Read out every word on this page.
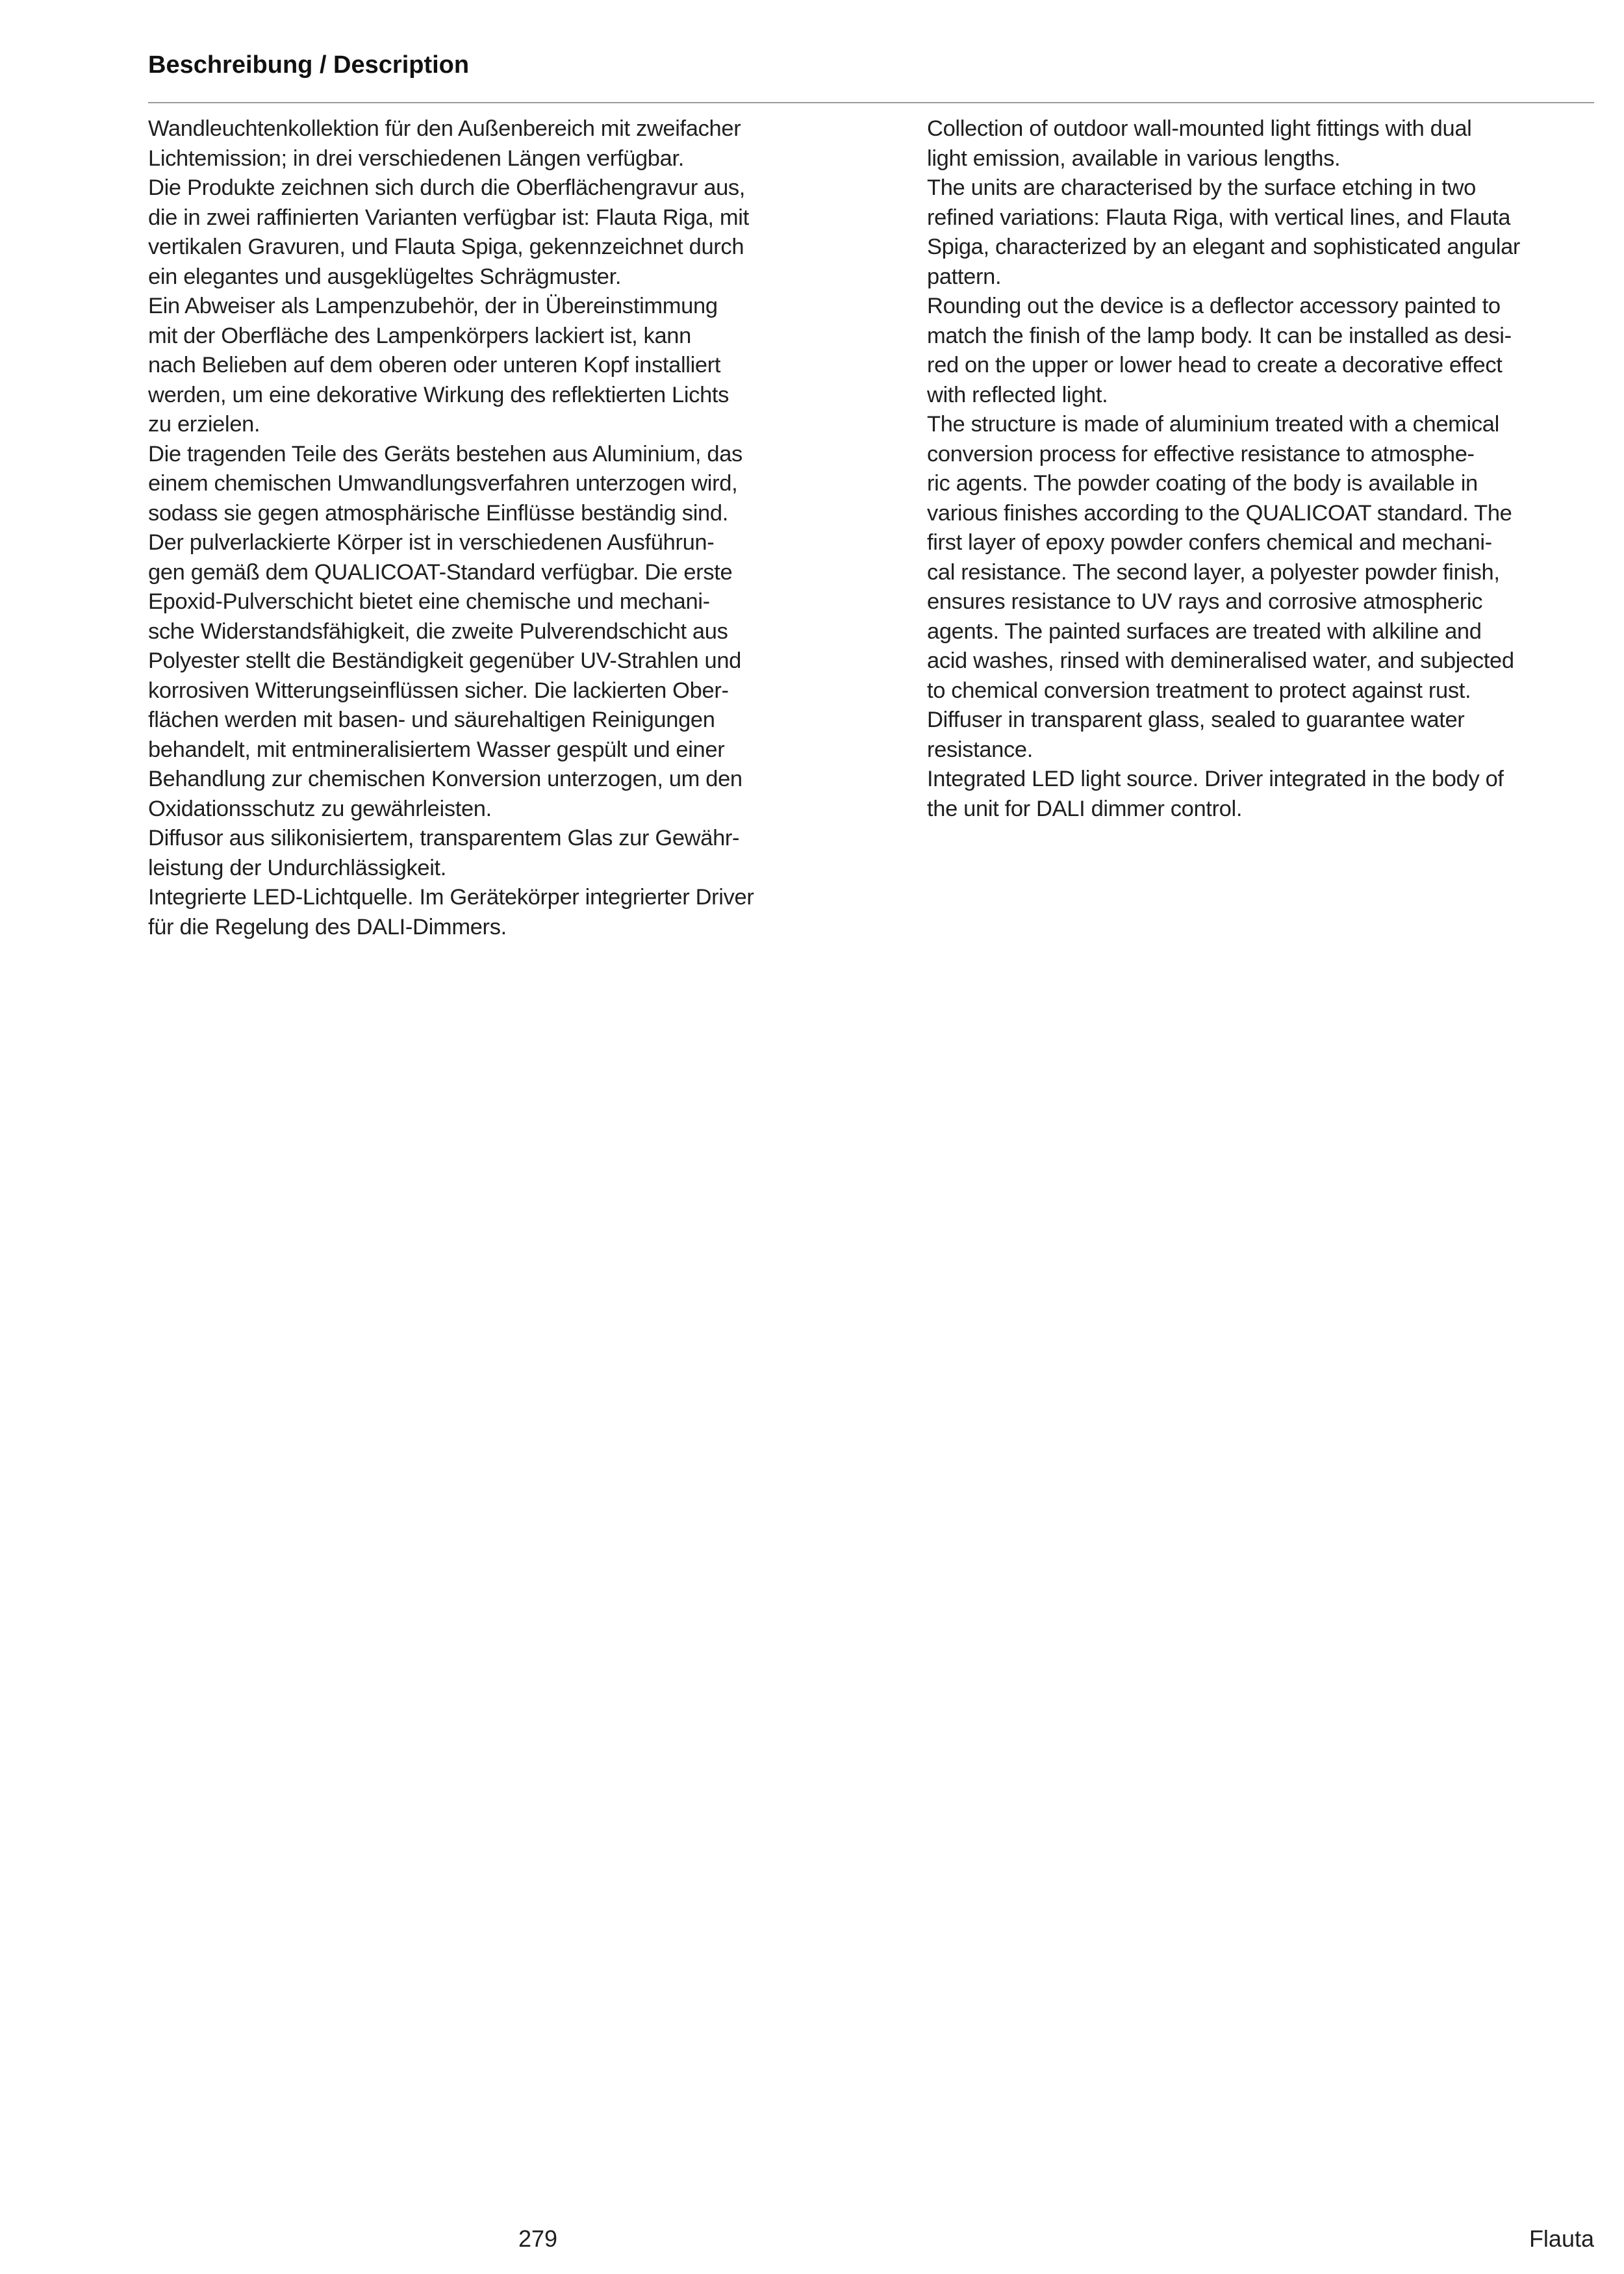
Beschreibung / Description

Wandleuchtenkollektion für den Außenbereich mit zweifacher
Lichtemission; in drei verschiedenen Längen verfügbar.

Die Produkte zeichnen sich durch die Oberflächengravur aus,
die in zwei raffinierten Varianten verfügbar ist: Flauta Riga, mit
vertikalen Gravuren, und Flauta Spiga, gekennzeichnet durch
ein elegantes und ausgeklügeltes Schrägmuster.

Ein Abweiser als Lampenzubehör, der in Übereinstimmung
mit der Oberfläche des Lampenkörpers lackiert ist, kann
nach Belieben auf dem oberen oder unteren Kopf installiert
werden, um eine dekorative Wirkung des reflektierten Lichts
zu erzielen.

Die tragenden Teile des Geräts bestehen aus Aluminium, das
einem chemischen Umwandlungsverfahren unterzogen wird,
sodass sie gegen atmosphärische Einflüsse beständig sind.
Der pulverlackierte Körper ist in verschiedenen Ausführun-
gen gemäß dem QUALICOAT-Standard verfügbar. Die erste
Epoxid-Pulverschicht bietet eine chemische und mechani-
sche Widerstandsfähigkeit, die zweite Pulverendschicht aus
Polyester stellt die Beständigkeit gegenüber UV-Strahlen und
korrosiven Witterungseinflüssen sicher. Die lackierten Ober-
flächen werden mit basen- und säurehaltigen Reinigungen
behandelt, mit entmineralisiertem Wasser gespült und einer
Behandlung zur chemischen Konversion unterzogen, um den
Oxidationsschutz zu gewährleisten.

Diffusor aus silikonisiertem, transparentem Glas zur Gewähr-
leistung der Undurchlässigkeit.

Integrierte LED-Lichtquelle. Im Gerätekörper integrierter Driver
für die Regelung des DALI-Dimmers.

Collection of outdoor wall-mounted light fittings with dual
light emission, available in various lengths.

The units are characterised by the surface etching in two
refined variations: Flauta Riga, with vertical lines, and Flauta
Spiga, characterized by an elegant and sophisticated angular
pattern.

Rounding out the device is a deflector accessory painted to
match the finish of the lamp body. It can be installed as desi-
red on the upper or lower head to create a decorative effect
with reflected light.

The structure is made of aluminium treated with a chemical
conversion process for effective resistance to atmosphe-
ric agents. The powder coating of the body is available in
various finishes according to the QUALICOAT standard. The
first layer of epoxy powder confers chemical and mechani-
cal resistance. The second layer, a polyester powder finish,
ensures resistance to UV rays and corrosive atmospheric
agents. The painted surfaces are treated with alkiline and
acid washes, rinsed with demineralised water, and subjected
to chemical conversion treatment to protect against rust.

Diffuser in transparent glass, sealed to guarantee water
resistance.

Integrated LED light source. Driver integrated in the body of
the unit for DALI dimmer control.

279	Flauta
